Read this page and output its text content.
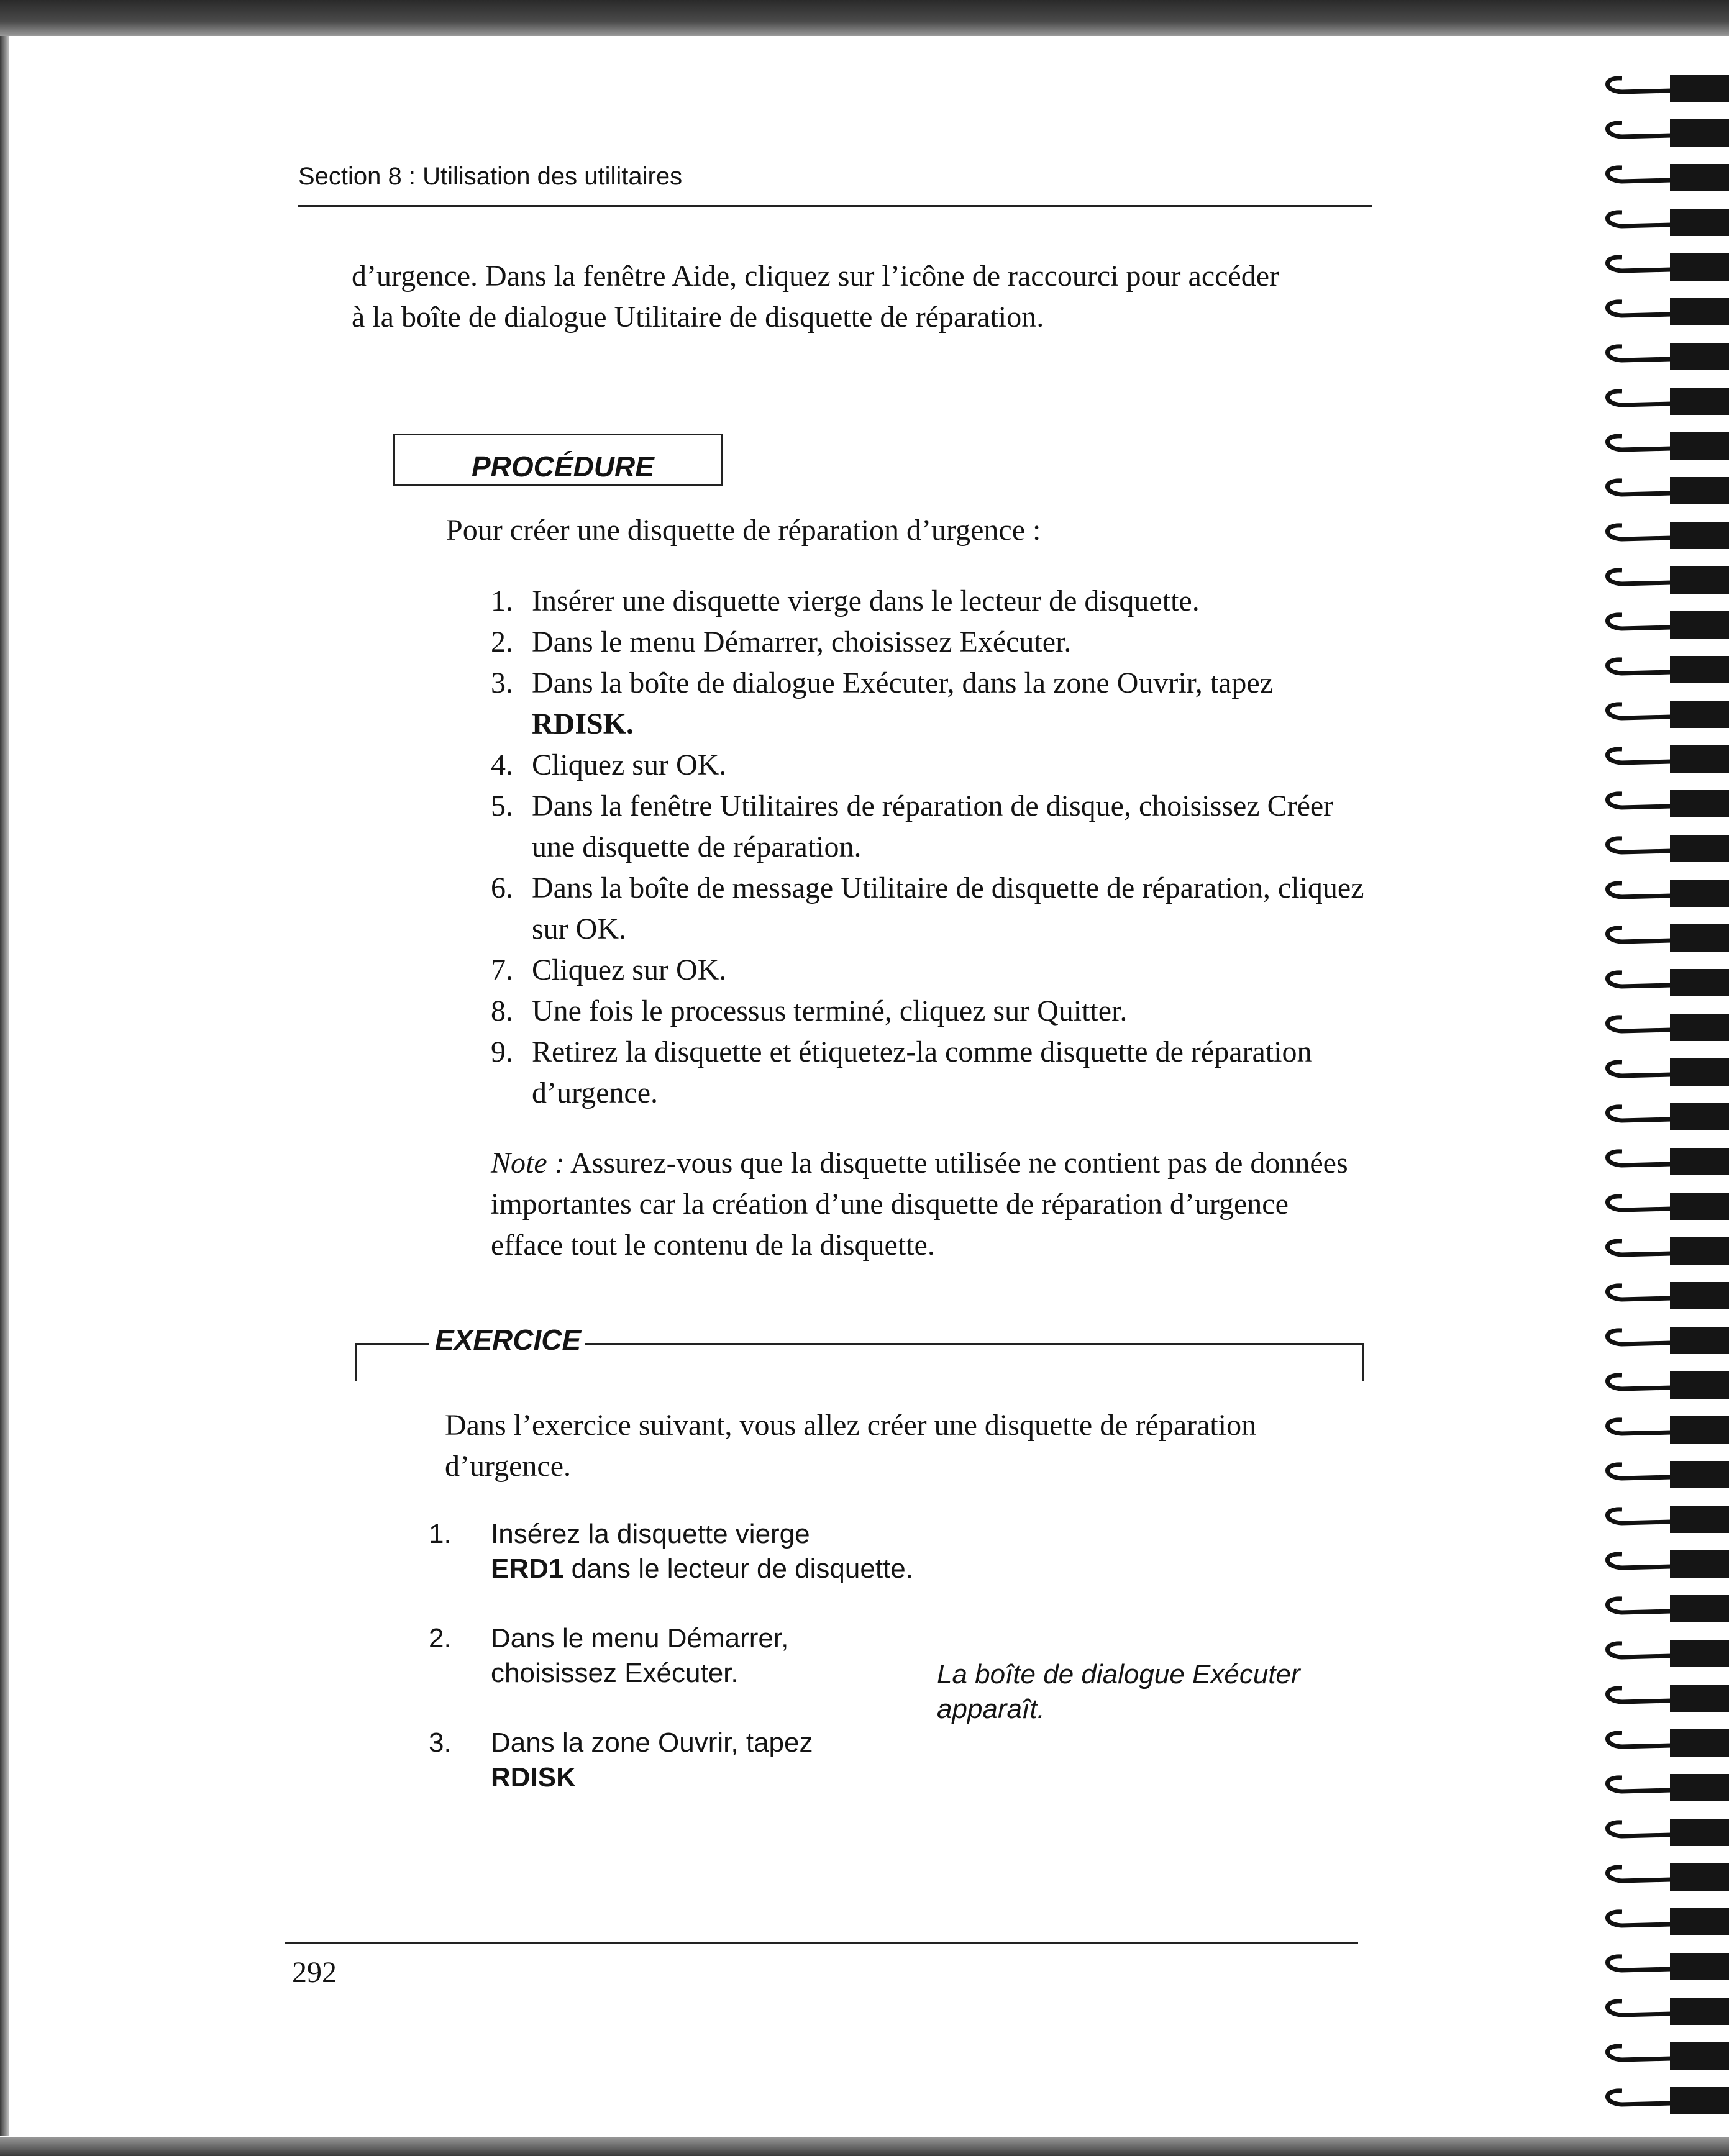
Section 8 : Utilisation des utilitaires
d’urgence. Dans la fenêtre Aide, cliquez sur l’icône de raccourci pour accéder
à la boîte de dialogue Utilitaire de disquette de réparation.
PROCÉDURE
Pour créer une disquette de réparation d’urgence :
1. Insérer une disquette vierge dans le lecteur de disquette.
2. Dans le menu Démarrer, choisissez Exécuter.
3. Dans la boîte de dialogue Exécuter, dans la zone Ouvrir, tapez
RDISK.
4. Cliquez sur OK.
5. Dans la fenêtre Utilitaires de réparation de disque, choisissez Créer une disquette de réparation.
6. Dans la boîte de message Utilitaire de disquette de réparation, cliquez sur OK.
7. Cliquez sur OK.
8. Une fois le processus terminé, cliquez sur Quitter.
9. Retirez la disquette et étiquetez-la comme disquette de réparation d’urgence.
Note : Assurez-vous que la disquette utilisée ne contient pas de données importantes car la création d’une disquette de réparation d’urgence efface tout le contenu de la disquette.
EXERCICE
Dans l’exercice suivant, vous allez créer une disquette de réparation d’urgence.
1. Insérez la disquette vierge
ERD1 dans le lecteur de disquette.
2. Dans le menu Démarrer, choisissez Exécuter.
3. Dans la zone Ouvrir, tapez
RDISK
La boîte de dialogue Exécuter apparaît.
292
